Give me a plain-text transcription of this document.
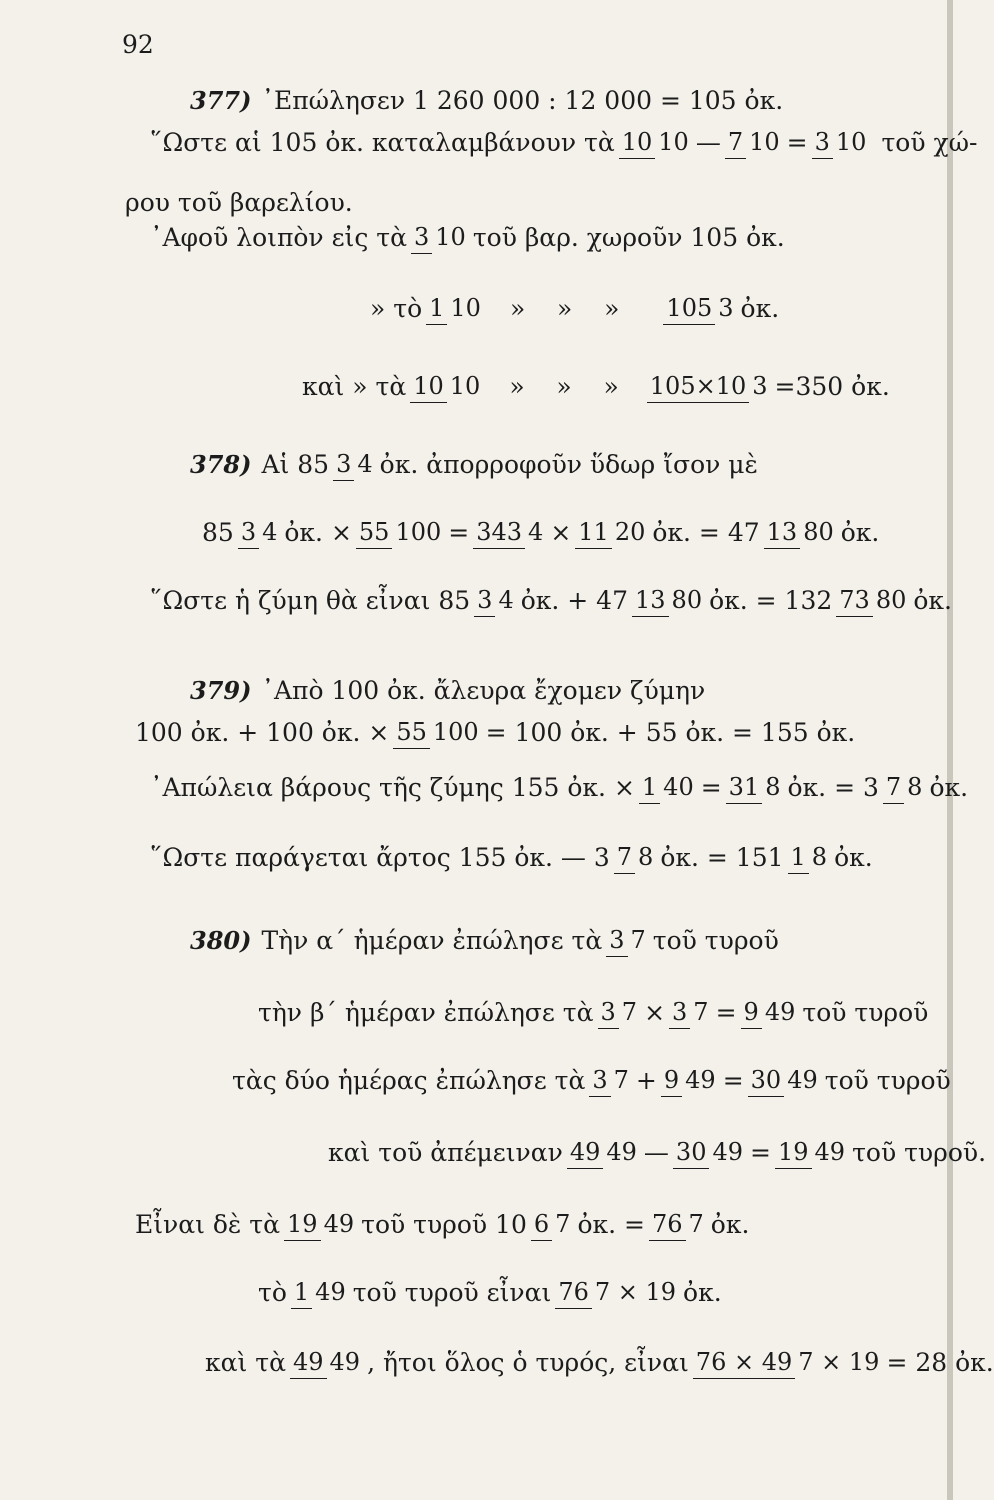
92
377) ᾿Επώλησεν 1 260 000 : 12 000 = 105 ὀκ.
῞Ωστε αἱ 105 ὀκ. καταλαμβάνουν τὰ 10 10 — 7 10 = 3 10 τοῦ χώ-
ρου τοῦ βαρελίου.
᾿Αφοῦ λοιπὸν εἰς τὰ 3 10 τοῦ βαρ. χωροῦν 105 ὀκ.
» τὸ 1 10 »    »    » 105 3 ὀκ.
καὶ » τὰ 10 10 »    »    » 105×10 3 =350 ὀκ.
378) Αἱ 85 3 4 ὀκ. ἀπορροφοῦν ὕδωρ ἴσον μὲ
85 3 4 ὀκ. × 55 100 = 343 4 × 11 20 ὀκ. = 47 13 80 ὀκ.
῞Ωστε ἡ ζύμη θὰ εἶναι 85 3 4 ὀκ. + 47 13 80 ὀκ. = 132 73 80 ὀκ.
379) ᾿Απὸ 100 ὀκ. ἄλευρα ἔχομεν ζύμην
100 ὀκ. + 100 ὀκ. × 55 100 = 100 ὀκ. + 55 ὀκ. = 155 ὀκ.
᾿Απώλεια βάρους τῆς ζύμης 155 ὀκ. × 1 40 = 31 8 ὀκ. = 3 7 8 ὀκ.
῞Ωστε παράγεται ἄρτος 155 ὀκ. — 3 7 8 ὀκ. = 151 1 8 ὀκ.
380) Τὴν α΄ ἡμέραν ἐπώλησε τὰ 3 7 τοῦ τυροῦ
τὴν β΄ ἡμέραν ἐπώλησε τὰ 3 7 × 3 7 = 9 49 τοῦ τυροῦ
τὰς δύο ἡμέρας ἐπώλησε τὰ 3 7 + 9 49 = 30 49 τοῦ τυροῦ
καὶ τοῦ ἀπέμειναν 49 49 — 30 49 = 19 49 τοῦ τυροῦ.
Εἶναι δὲ τὰ 19 49 τοῦ τυροῦ 10 6 7 ὀκ. = 76 7 ὀκ.
τὸ 1 49 τοῦ τυροῦ εἶναι 76 7 × 19 ὀκ.
καὶ τὰ 49 49 , ἤτοι ὅλος ὁ τυρός, εἶναι 76 × 49 7 × 19 = 28 ὀκ.
